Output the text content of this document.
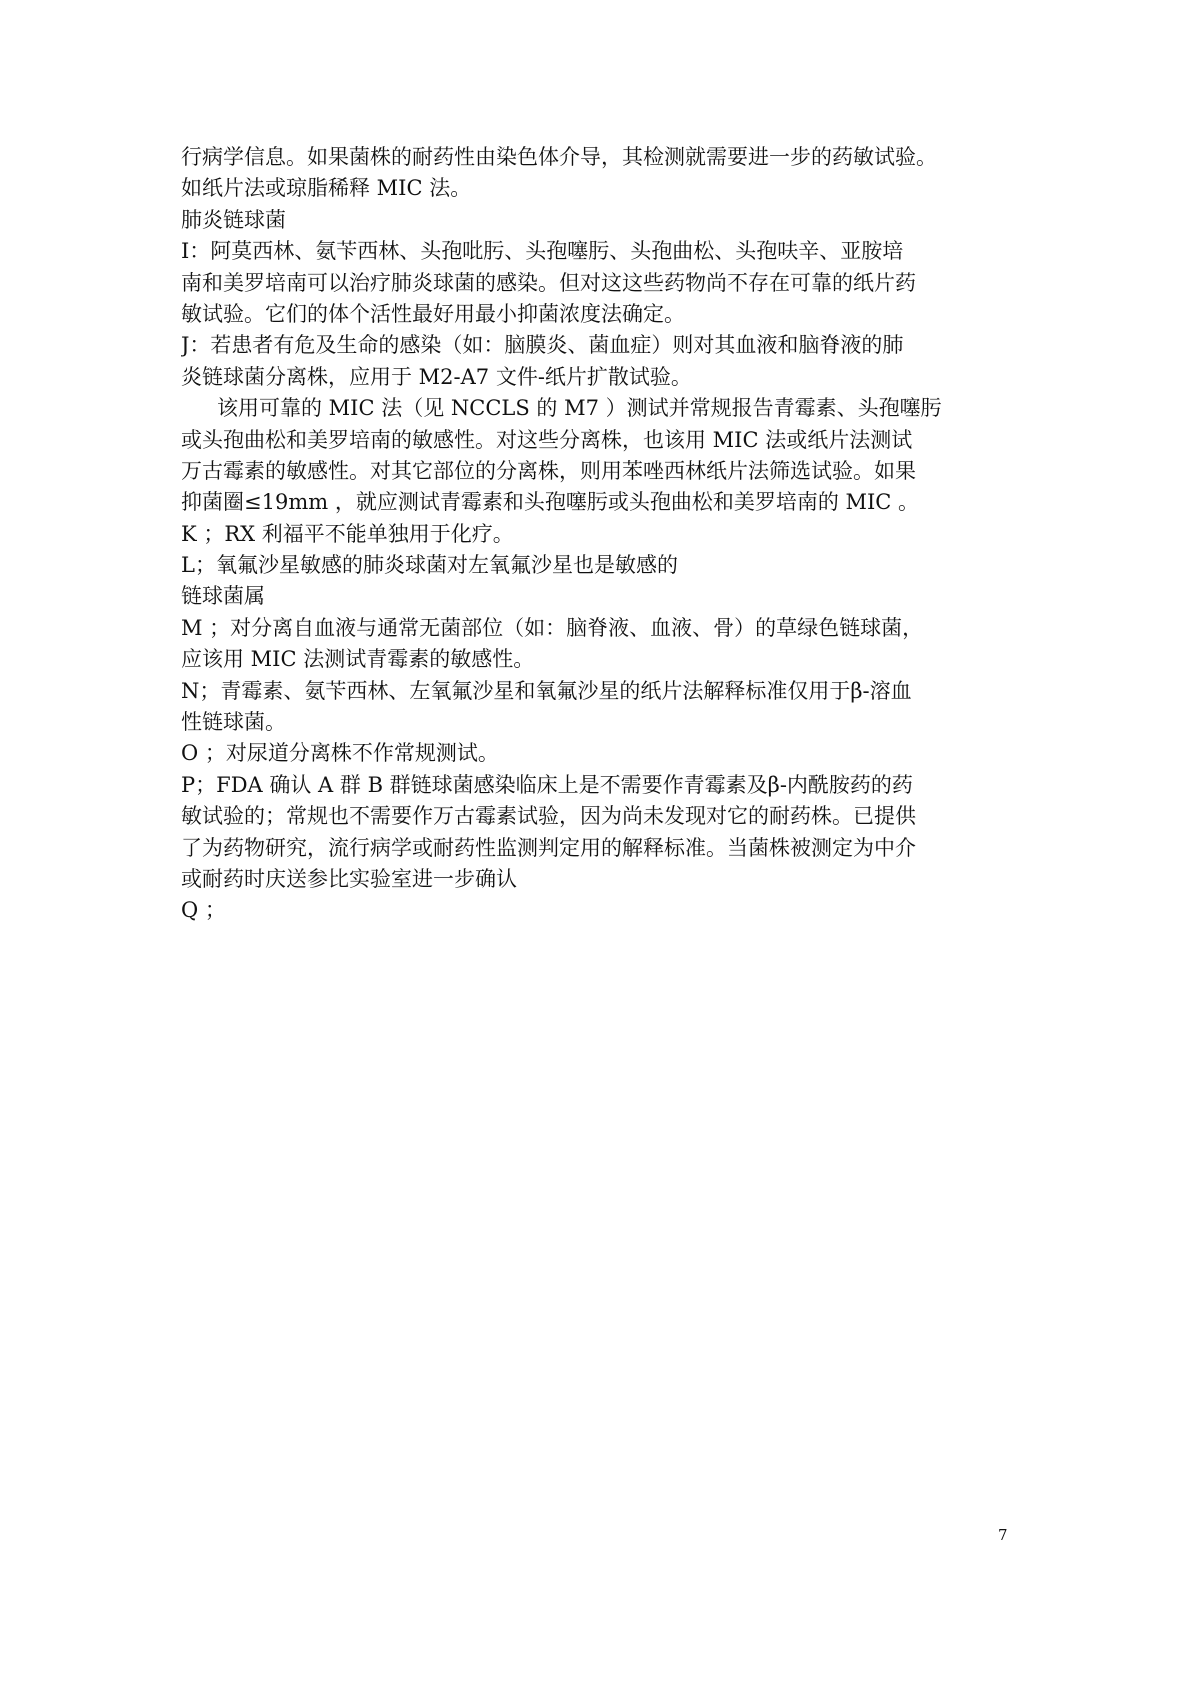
行病学信息。如果菌株的耐药性由染色体介导，其检测就需要进一步的药敏试验。
如纸片法或琼脂稀释 MIC 法。
肺炎链球菌
I：阿莫西林、氨苄西林、头孢吡肟、头孢噻肟、头孢曲松、头孢呋辛、亚胺培
南和美罗培南可以治疗肺炎球菌的感染。但对这这些药物尚不存在可靠的纸片药
敏试验。它们的体个活性最好用最小抑菌浓度法确定。
J：若患者有危及生命的感染（如：脑膜炎、菌血症）则对其血液和脑脊液的肺
炎链球菌分离株，应用于 M2-A7 文件-纸片扩散试验。
该用可靠的 MIC 法（见 NCCLS 的 M7 ）测试并常规报告青霉素、头孢噻肟
或头孢曲松和美罗培南的敏感性。对这些分离株，也该用 MIC 法或纸片法测试
万古霉素的敏感性。对其它部位的分离株，则用苯唑西林纸片法筛选试验。如果
抑菌圈≤19mm ，就应测试青霉素和头孢噻肟或头孢曲松和美罗培南的 MIC 。
K ；RX 利福平不能单独用于化疗。
L；氧氟沙星敏感的肺炎球菌对左氧氟沙星也是敏感的
链球菌属
M ；对分离自血液与通常无菌部位（如：脑脊液、血液、骨）的草绿色链球菌，
应该用 MIC 法测试青霉素的敏感性。
N；青霉素、氨苄西林、左氧氟沙星和氧氟沙星的纸片法解释标准仅用于β-溶血
性链球菌。
O ；对尿道分离株不作常规测试。
P；FDA 确认 A 群 B 群链球菌感染临床上是不需要作青霉素及β-内酰胺药的药
敏试验的；常规也不需要作万古霉素试验，因为尚未发现对它的耐药株。已提供
了为药物研究，流行病学或耐药性监测判定用的解释标准。当菌株被测定为中介
或耐药时庆送参比实验室进一步确认
Q ；
7
